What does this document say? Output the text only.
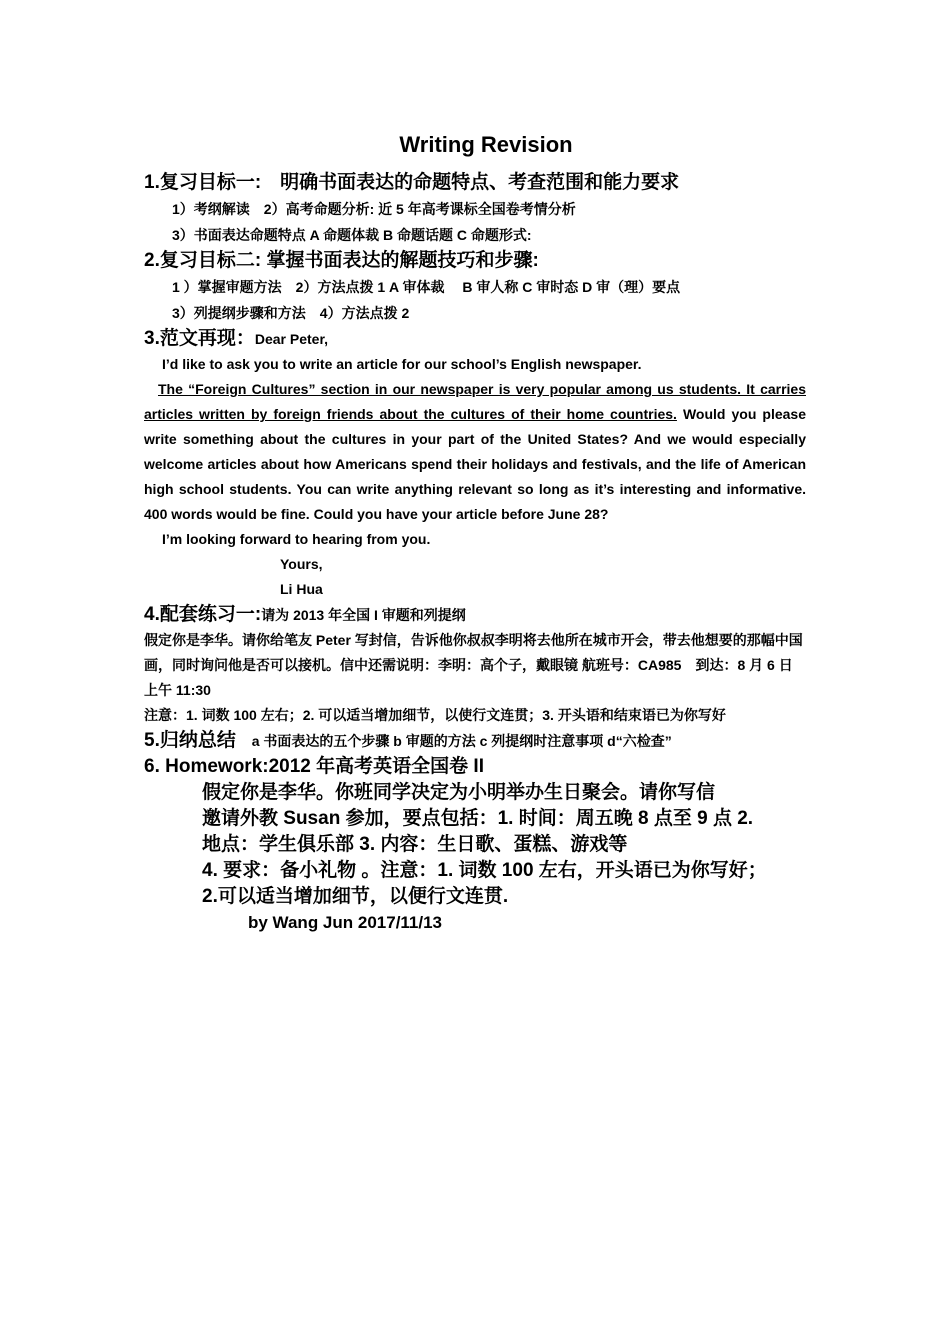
Writing Revision

1.复习目标一:　明确书面表达的命题特点、考查范围和能力要求

1）考纲解读　2）高考命题分析: 近 5 年高考课标全国卷考情分析

3）书面表达命题特点 A 命题体裁 B 命题话题 C 命题形式:

2.复习目标二: 掌握书面表达的解题技巧和步骤:

1 ）掌握审题方法　2）方法点拨 1 A 审体裁　 B 审人称 C 审时态 D 审（理）要点

3）列提纲步骤和方法　4）方法点拨 2

3.范文再现：Dear Peter,

I’d like to ask you to write an article for our school’s English newspaper.

The “Foreign Cultures” section in our newspaper is very popular among us students. It carries articles written by foreign friends about the cultures of their home countries. Would you please write something about the cultures in your part of the United States? And we would especially welcome articles about how Americans spend their holidays and festivals, and the life of American high school students. You can write anything relevant so long as it’s interesting and informative. 400 words would be fine. Could you have your article before June 28?

I’m looking forward to hearing from you.

Yours,

Li Hua

4.配套练习一:请为 2013 年全国 I 审题和列提纲

假定你是李华。请你给笔友 Peter 写封信，告诉他你叔叔李明将去他所在城市开会，带去他想要的那幅中国画，同时询问他是否可以接机。信中还需说明：李明：高个子，戴眼镜 航班号：CA985　到达：8 月 6 日上午 11:30

注意：1. 词数 100 左右；2. 可以适当增加细节，以使行文连贯；3. 开头语和结束语已为你写好

5.归纳总结 a 书面表达的五个步骤 b 审题的方法 c 列提纲时注意事项 d“六检查”

6. Homework:2012 年高考英语全国卷 II

假定你是李华。你班同学决定为小明举办生日聚会。请你写信
邀请外教 Susan 参加，要点包括：1. 时间：周五晚 8 点至 9 点 2.
地点：学生俱乐部 3. 内容：生日歌、蛋糕、游戏等
4. 要求：备小礼物 。注意：1. 词数 100 左右，开头语已为你写好；
2.可以适当增加细节，以便行文连贯.

by Wang Jun 2017/11/13
